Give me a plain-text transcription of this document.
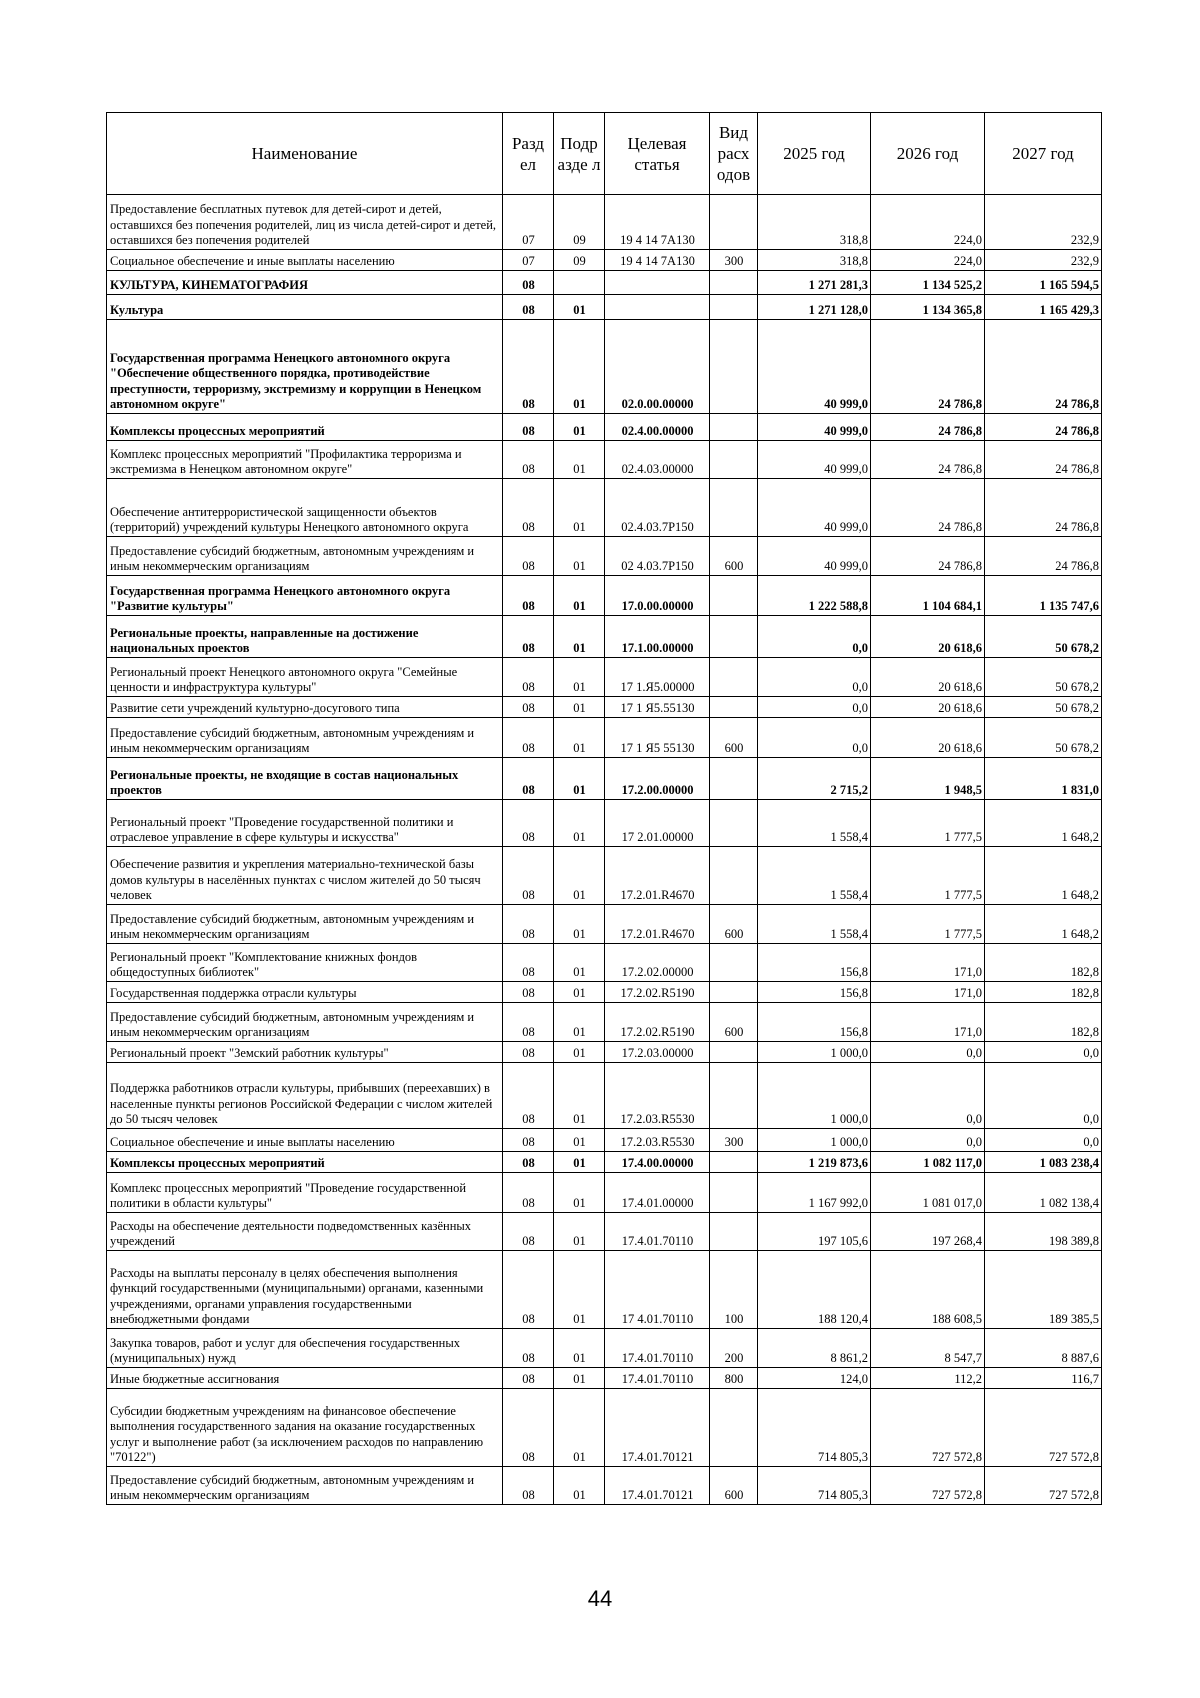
Наименование	Разд ел	Подр азде л	Целевая статья	Вид расх одов	2025 год	2026 год	2027 год
Предоставление бесплатных путевок для детей-сирот и детей, оставшихся без попечения родителей, лиц из числа детей-сирот и детей, оставшихся без попечения родителей	07	09	19 4 14 7А130		318,8	224,0	232,9
Социальное обеспечение и иные выплаты населению	07	09	19 4 14 7А130	300	318,8	224,0	232,9
КУЛЬТУРА, КИНЕМАТОГРАФИЯ	08				1 271 281,3	1 134 525,2	1 165 594,5
Культура	08	01			1 271 128,0	1 134 365,8	1 165 429,3
Государственная программа Ненецкого автономного округа "Обеспечение общественного порядка, противодействие преступности, терроризму, экстремизму и коррупции в Ненецком автономном округе"	08	01	02.0.00.00000		40 999,0	24 786,8	24 786,8
Комплексы процессных мероприятий	08	01	02.4.00.00000		40 999,0	24 786,8	24 786,8
Комплекс процессных мероприятий "Профилактика терроризма и экстремизма в Ненецком автономном округе"	08	01	02.4.03.00000		40 999,0	24 786,8	24 786,8
Обеспечение антитеррористической защищенности объектов (территорий) учреждений культуры Ненецкого автономного округа	08	01	02.4.03.7Р150		40 999,0	24 786,8	24 786,8
Предоставление субсидий бюджетным, автономным учреждениям и иным некоммерческим организациям	08	01	02 4.03.7Р150	600	40 999,0	24 786,8	24 786,8
Государственная программа Ненецкого автономного округа "Развитие культуры"	08	01	17.0.00.00000		1 222 588,8	1 104 684,1	1 135 747,6
Региональные проекты, направленные на достижение национальных проектов	08	01	17.1.00.00000		0,0	20 618,6	50 678,2
Региональный проект Ненецкого автономного округа "Семейные ценности и инфраструктура культуры"	08	01	17 1.Я5.00000		0,0	20 618,6	50 678,2
Развитие сети учреждений культурно-досугового типа	08	01	17 1 Я5.55130		0,0	20 618,6	50 678,2
Предоставление субсидий бюджетным, автономным учреждениям и иным некоммерческим организациям	08	01	17 1 Я5 55130	600	0,0	20 618,6	50 678,2
Региональные проекты, не входящие в состав национальных проектов	08	01	17.2.00.00000		2 715,2	1 948,5	1 831,0
Региональный проект "Проведение государственной политики и отраслевое управление в сфере культуры и искусства"	08	01	17 2.01.00000		1 558,4	1 777,5	1 648,2
Обеспечение развития и укрепления материально-технической базы домов культуры в населённых пунктах с числом жителей до 50 тысяч человек	08	01	17.2.01.R4670		1 558,4	1 777,5	1 648,2
Предоставление субсидий бюджетным, автономным учреждениям и иным некоммерческим организациям	08	01	17.2.01.R4670	600	1 558,4	1 777,5	1 648,2
Региональный проект "Комплектование книжных фондов общедоступных библиотек"	08	01	17.2.02.00000		156,8	171,0	182,8
Государственная поддержка отрасли культуры	08	01	17.2.02.R5190		156,8	171,0	182,8
Предоставление субсидий бюджетным, автономным учреждениям и иным некоммерческим организациям	08	01	17.2.02.R5190	600	156,8	171,0	182,8
Региональный проект "Земский работник культуры"	08	01	17.2.03.00000		1 000,0	0,0	0,0
Поддержка работников отрасли культуры, прибывших (переехавших) в населенные пункты регионов Российской Федерации с числом жителей до 50 тысяч человек	08	01	17.2.03.R5530		1 000,0	0,0	0,0
Социальное обеспечение и иные выплаты населению	08	01	17.2.03.R5530	300	1 000,0	0,0	0,0
Комплексы процессных мероприятий	08	01	17.4.00.00000		1 219 873,6	1 082 117,0	1 083 238,4
Комплекс процессных мероприятий "Проведение государственной политики в области культуры"	08	01	17.4.01.00000		1 167 992,0	1 081 017,0	1 082 138,4
Расходы на обеспечение деятельности подведомственных казённых учреждений	08	01	17.4.01.70110		197 105,6	197 268,4	198 389,8
Расходы на выплаты персоналу в целях обеспечения выполнения функций государственными (муниципальными) органами, казенными учреждениями, органами управления государственными внебюджетными фондами	08	01	17 4.01.70110	100	188 120,4	188 608,5	189 385,5
Закупка товаров, работ и услуг для обеспечения государственных (муниципальных) нужд	08	01	17.4.01.70110	200	8 861,2	8 547,7	8 887,6
Иные бюджетные ассигнования	08	01	17.4.01.70110	800	124,0	112,2	116,7
Субсидии бюджетным учреждениям на финансовое обеспечение выполнения государственного задания на оказание государственных услуг и выполнение работ (за исключением расходов по направлению "70122")	08	01	17.4.01.70121		714 805,3	727 572,8	727 572,8
Предоставление субсидий бюджетным, автономным учреждениям и иным некоммерческим организациям	08	01	17.4.01.70121	600	714 805,3	727 572,8	727 572,8
44
